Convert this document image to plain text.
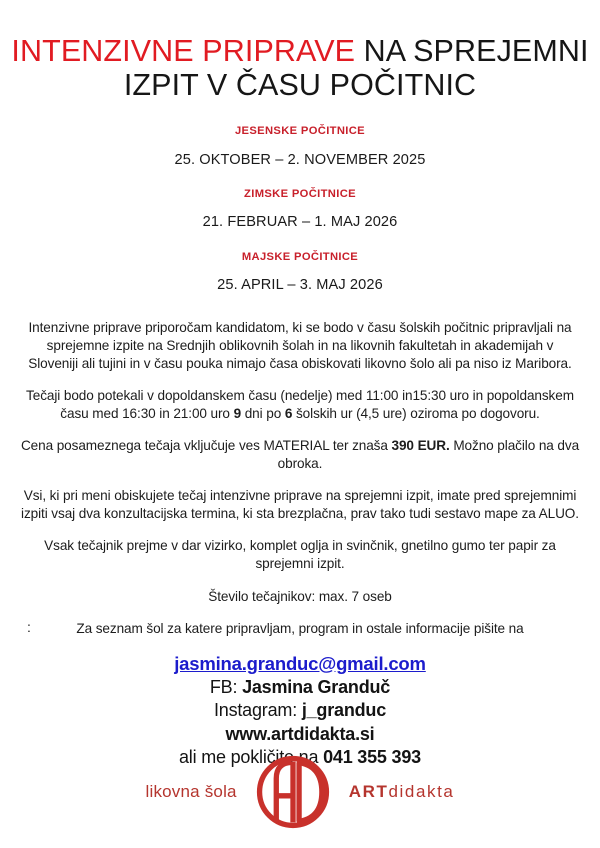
INTENZIVNE PRIPRAVE NA SPREJEMNI
IZPIT V ČASU POČITNIC
JESENSKE POČITNICE
25. OKTOBER – 2. NOVEMBER 2025
ZIMSKE POČITNICE
21. FEBRUAR – 1. MAJ 2026
MAJSKE POČITNICE
25. APRIL – 3. MAJ 2026

Intenzivne priprave priporočam kandidatom, ki se bodo v času šolskih počitnic pripravljali na sprejemne izpite na Srednjih oblikovnih šolah in na likovnih fakultetah in akademijah v Sloveniji ali tujini in v času pouka nimajo časa obiskovati likovno šolo ali pa niso iz Maribora.

Tečaji bodo potekali v dopoldanskem času (nedelje) med 11:00 in15:30 uro in popoldanskem času med 16:30 in 21:00 uro 9 dni po 6 šolskih ur (4,5 ure) oziroma po dogovoru.

Cena posameznega tečaja vključuje ves MATERIAL ter znaša 390 EUR. Možno plačilo na dva obroka.

Vsi, ki pri meni obiskujete tečaj intenzivne priprave na sprejemni izpit, imate pred sprejemnimi izpiti vsaj dva konzultacijska termina, ki sta brezplačna, prav tako tudi sestavo mape za ALUO.

Vsak tečajnik prejme v dar vizirko, komplet oglja in svinčnik, gnetilno gumo ter papir za sprejemni izpit.

Število tečajnikov: max. 7 oseb

Za seznam šol za katere pripravljam, program in ostale informacije pišite na

:
jasmina.granduc@gmail.com
FB: Jasmina Granduč
Instagram: j_granduc
www.artdidakta.si
ali me pokličite na 041 355 393
likovna šola	ARTdidakta
